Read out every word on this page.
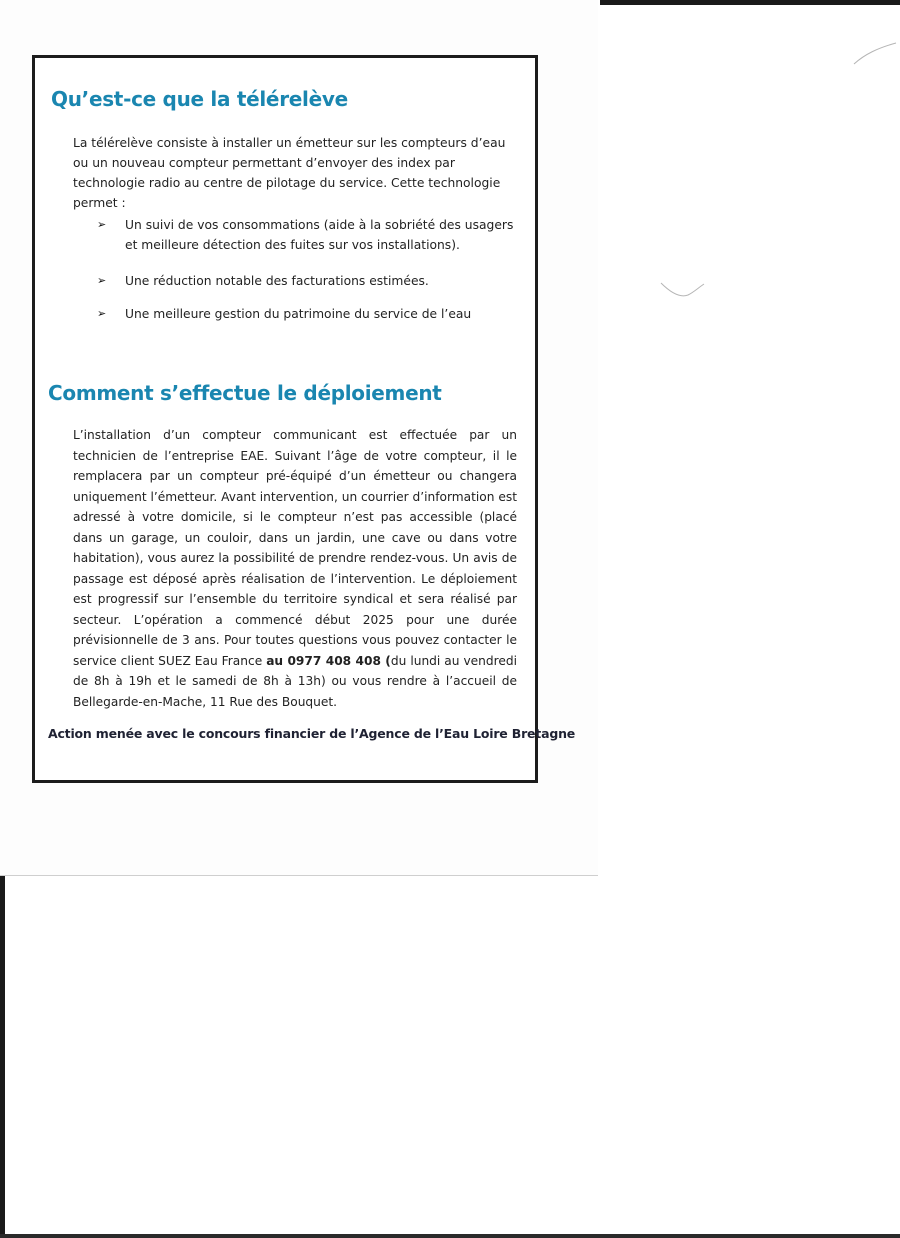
Qu’est-ce que la télérelève

La télérelève consiste à installer un émetteur sur les compteurs d’eau ou un nouveau compteur permettant d’envoyer des index par technologie radio au centre de pilotage du service. Cette technologie permet :

➢ Un suivi de vos consommations (aide à la sobriété des usagers et meilleure détection des fuites sur vos installations).
➢ Une réduction notable des facturations estimées.
➢ Une meilleure gestion du patrimoine du service de l’eau
Comment s’effectue le déploiement

L’installation d’un compteur communicant est effectuée par un technicien de l’entreprise EAE. Suivant l’âge de votre compteur, il le remplacera par un compteur pré-équipé d’un émetteur ou changera uniquement l’émetteur. Avant intervention, un courrier d’information est adressé à votre domicile, si le compteur n’est pas accessible (placé dans un garage, un couloir, dans un jardin, une cave ou dans votre habitation), vous aurez la possibilité de prendre rendez-vous. Un avis de passage est déposé après réalisation de l’intervention. Le déploiement est progressif sur l’ensemble du territoire syndical et sera réalisé par secteur. L’opération a commencé début 2025 pour une durée prévisionnelle de 3 ans. Pour toutes questions vous pouvez contacter le service client SUEZ Eau France au 0977 408 408 (du lundi au vendredi de 8h à 19h et le samedi de 8h à 13h) ou vous rendre à l’accueil de Bellegarde-en-Mache, 11 Rue des Bouquet.

Action menée avec le concours financier de l’Agence de l’Eau Loire Bretagne
